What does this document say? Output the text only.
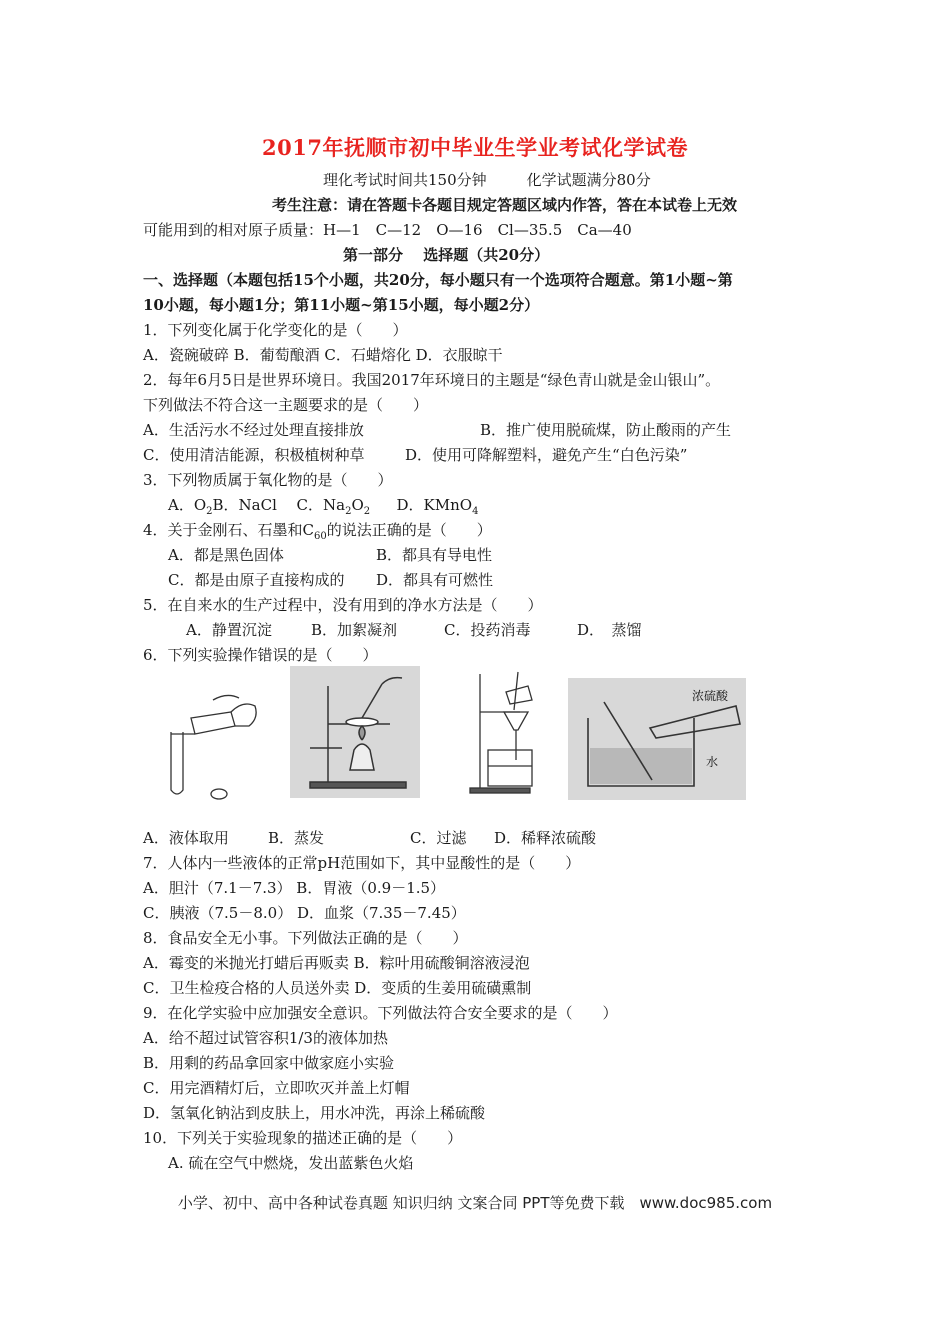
2017年抚顺市初中毕业生学业考试化学试卷
理化考试时间共150分钟	化学试题满分80分
考生注意：请在答题卡各题目规定答题区域内作答，答在本试卷上无效
可能用到的相对原子质量：H—1　C—12　O—16　Cl—35.5　Ca—40
第一部分　 选择题（共20分）
一、选择题（本题包括15个小题，共20分，每小题只有一个选项符合题意。第1小题~第
10小题，每小题1分；第11小题~第15小题，每小题2分）
1．下列变化属于化学变化的是（　　）
A．瓷碗破碎 B．葡萄酿酒 C．石蜡熔化 D．衣服晾干
2．每年6月5日是世界环境日。我国2017年环境日的主题是“绿色青山就是金山银山”。
下列做法不符合这一主题要求的是（　　）
A．生活污水不经过处理直接排放	B．推广使用脱硫煤，防止酸雨的产生
C．使用清洁能源，积极植树种草	D．使用可降解塑料，避免产生“白色污染”
3．下列物质属于氧化物的是（　　）
A．$O_2B$．NaCl C．$Na_2O_2$ D．KMnO$_4$
4．关于金刚石、石墨和$C_{60}$的说法正确的是（　　）
A．都是黑色固体	B．都具有导电性
C．都是由原子直接构成的 D．都具有可燃性
5．在自来水的生产过程中，没有用到的净水方法是（　　）
A．静置沉淀	B．加絮凝剂	C．投药消毒	D．　蒸馏
6．下列实验操作错误的是（　　）
浓硫酸
水
A．液体取用	B．蒸发	C．过滤 D．稀释浓硫酸
7．人体内一些液体的正常pH范围如下，其中显酸性的是（　　）
A．胆汁（7.1－7.3） B．胃液（0.9－1.5）
C．胰液（7.5－8.0） D．血浆（7.35－7.45）
8．食品安全无小事。下列做法正确的是（　　）
A．霉变的米抛光打蜡后再贩卖 B．粽叶用硫酸铜溶液浸泡
C．卫生检疫合格的人员送外卖 D．变质的生姜用硫磺熏制
9．在化学实验中应加强安全意识。下列做法符合安全要求的是（　　）
A．给不超过试管容积1/3的液体加热
B．用剩的药品拿回家中做家庭小实验
C．用完酒精灯后，立即吹灭并盖上灯帽
D．氢氧化钠沾到皮肤上，用水冲洗，再涂上稀硫酸
10．下列关于实验现象的描述正确的是（　　）
A. 硫在空气中燃烧，发出蓝紫色火焰
小学、初中、高中各种试卷真题 知识归纳 文案合同 PPT等免费下载　www.doc985.com
